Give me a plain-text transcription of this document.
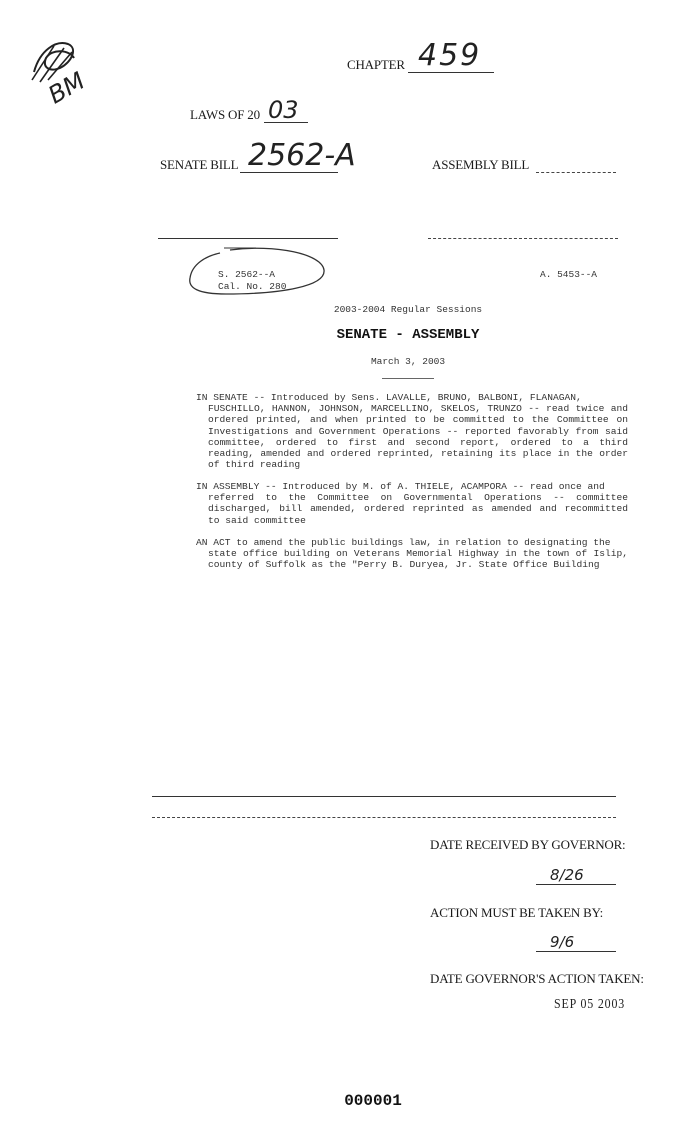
BM
CHAPTER 459
LAWS OF 20 03
SENATE BILL 2562-A	ASSEMBLY BILL
S. 2562--A
Cal. No. 280
A. 5453--A
2003-2004 Regular Sessions
SENATE - ASSEMBLY
March 3, 2003
IN SENATE -- Introduced by Sens. LAVALLE, BRUNO, BALBONI, FLANAGAN,
FUSCHILLO, HANNON, JOHNSON, MARCELLINO, SKELOS, TRUNZO -- read twice and ordered printed, and when printed to be committed to the Committee on Investigations and Government Operations -- reported favorably from said committee, ordered to first and second report, ordered to a third reading, amended and ordered reprinted, retaining its place in the order of third reading
IN ASSEMBLY -- Introduced by M. of A. THIELE, ACAMPORA -- read once and
referred to the Committee on Governmental Operations -- committee discharged, bill amended, ordered reprinted as amended and recommitted to said committee
AN ACT to amend the public buildings law, in relation to designating the
state office building on Veterans Memorial Highway in the town of Islip, county of Suffolk as the "Perry B. Duryea, Jr. State Office Building
DATE RECEIVED BY GOVERNOR:
8/26
ACTION MUST BE TAKEN BY:
9/6
DATE GOVERNOR'S ACTION TAKEN:
SEP 05 2003
000001
